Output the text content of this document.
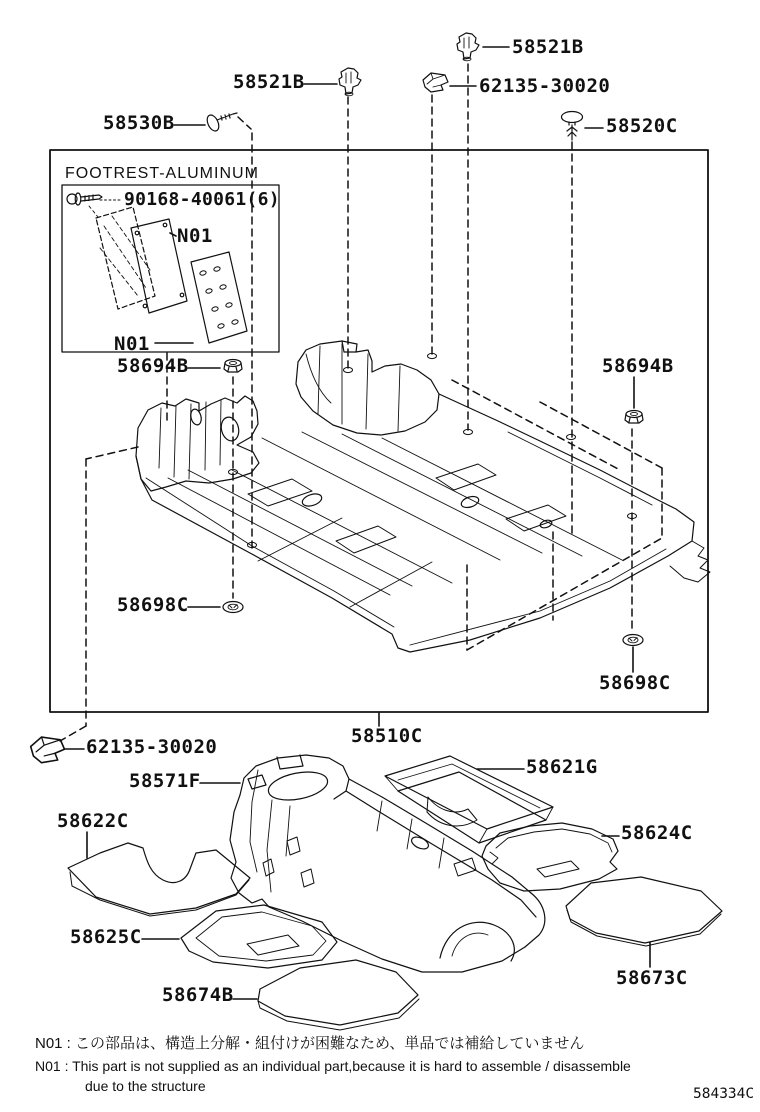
58521B
58521B	62135-30020
58530B	58520C
58694B	58694B
58698C
58698C
58510C
62135-30020
58571F
58622C
58621G
58624C
58625C
58673C
58674B
FOOTREST-ALUMINUM
90168-40061(6)
N01
N01
N01 : この部品は、構造上分解・組付けが困難なため、単品では補給していません
N01 : This part is not supplied as an individual part,because it is hard to assemble / disassemble
due to the structure	584334C
